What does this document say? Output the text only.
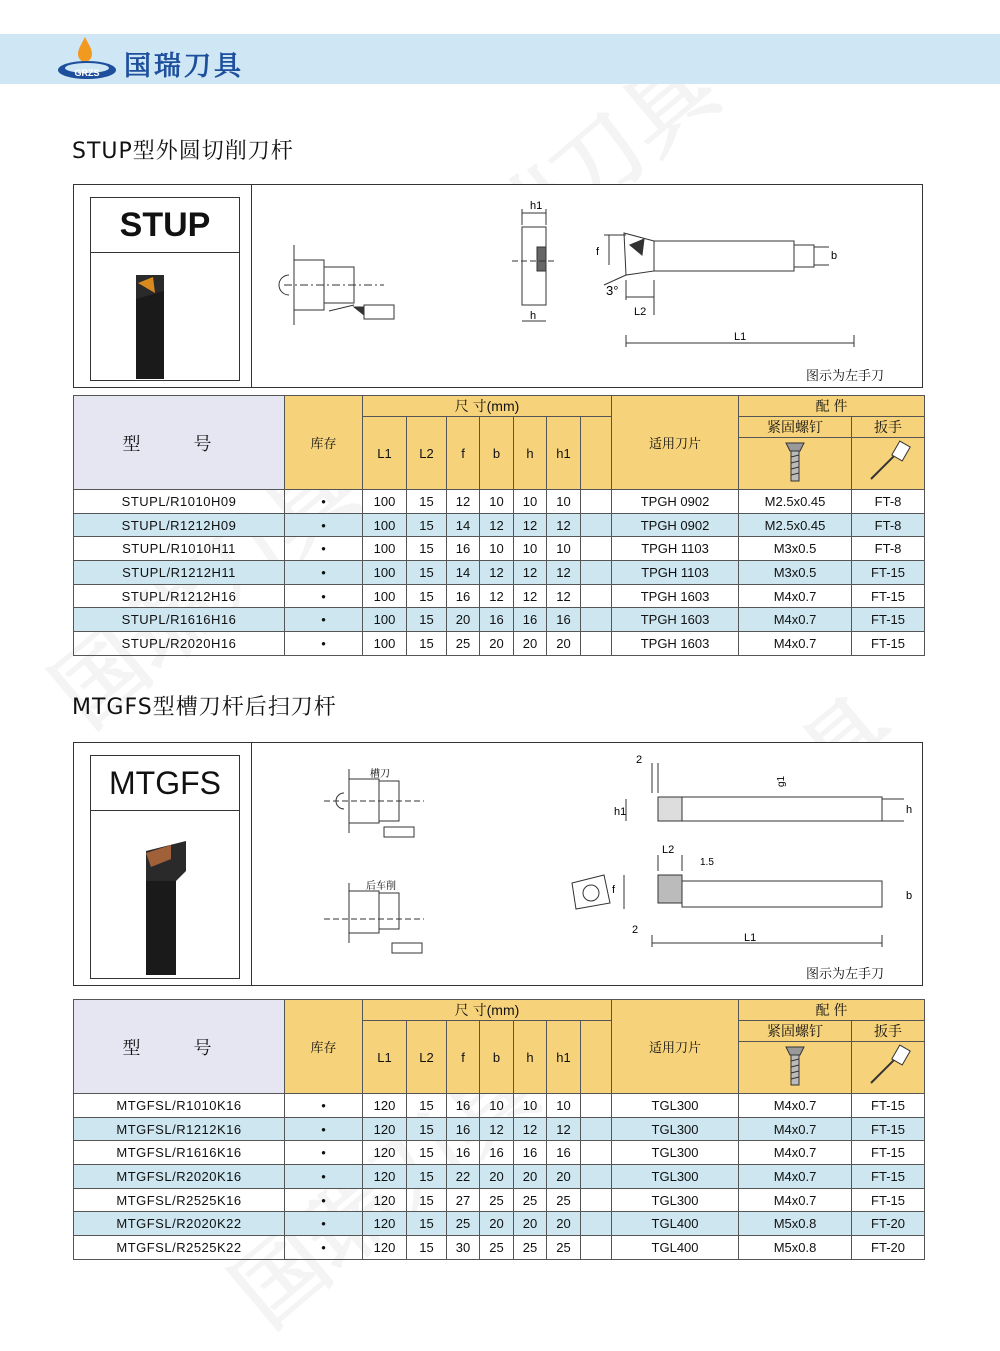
GRZS 国瑞刀具
STUP型外圆切削刀杆
STUP	h1
h
f	b
3°
L2
L1
图示为左手刀
型 号	库存	尺 寸(mm)							适用刀片	配 件	
		L1	L2	f	b	h	h1			紧固螺钉	扳手

STUPL/R1010H09	•	100	15	12	10	10	10		TPGH 0902	M2.5x0.45	FT-8
STUPL/R1212H09	•	100	15	14	12	12	12		TPGH 0902	M2.5x0.45	FT-8
STUPL/R1010H11	•	100	15	16	10	10	10		TPGH 1103	M3x0.5	FT-8
STUPL/R1212H11	•	100	15	14	12	12	12		TPGH 1103	M3x0.5	FT-15
STUPL/R1212H16	•	100	15	16	12	12	12		TPGH 1603	M4x0.7	FT-15
STUPL/R1616H16	•	100	15	20	16	16	16		TPGH 1603	M4x0.7	FT-15
STUPL/R2020H16	•	100	15	25	20	20	20		TPGH 1603	M4x0.7	FT-15
MTGFS型槽刀杆后扫刀杆
MTGFS	槽刀
后车削
2
g1
h1	h
L2
1.5
f	b
2
L1
图示为左手刀
型 号	库存	尺 寸(mm)							适用刀片	配 件	
		L1	L2	f	b	h	h1			紧固螺钉	扳手

MTGFSL/R1010K16	•	120	15	16	10	10	10		TGL300	M4x0.7	FT-15
MTGFSL/R1212K16	•	120	15	16	12	12	12		TGL300	M4x0.7	FT-15
MTGFSL/R1616K16	•	120	15	16	16	16	16		TGL300	M4x0.7	FT-15
MTGFSL/R2020K16	•	120	15	22	20	20	20		TGL300	M4x0.7	FT-15
MTGFSL/R2525K16	•	120	15	27	25	25	25		TGL300	M4x0.7	FT-15
MTGFSL/R2020K22	•	120	15	25	20	20	20		TGL400	M5x0.8	FT-20
MTGFSL/R2525K22	•	120	15	30	25	25	25		TGL400	M5x0.8	FT-20
